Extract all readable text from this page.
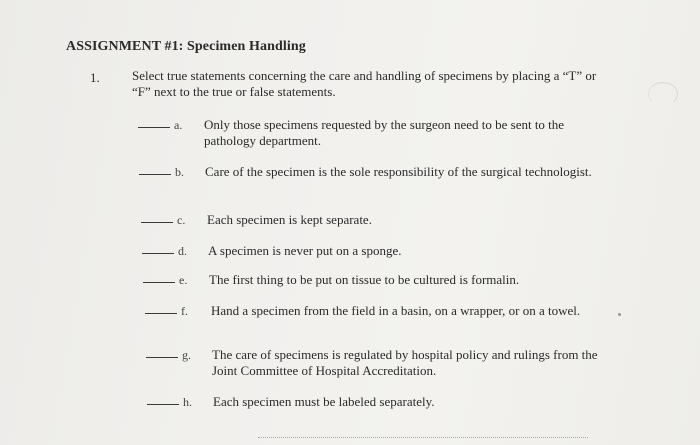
ASSIGNMENT #1: Specimen Handling
1. Select true statements concerning the care and handling of specimens by placing a “T” or “F” next to the true or false statements.
a.	Only those specimens requested by the surgeon need to be sent to the pathology department.
b.	Care of the specimen is the sole responsibility of the surgical technologist.
c.	Each specimen is kept separate.
d.	A specimen is never put on a sponge.
e.	The first thing to be put on tissue to be cultured is formalin.
f.	Hand a specimen from the field in a basin, on a wrapper, or on a towel.
g.	The care of specimens is regulated by hospital policy and rulings from the Joint Committee of Hospital Accreditation.
h.	Each specimen must be labeled separately.
